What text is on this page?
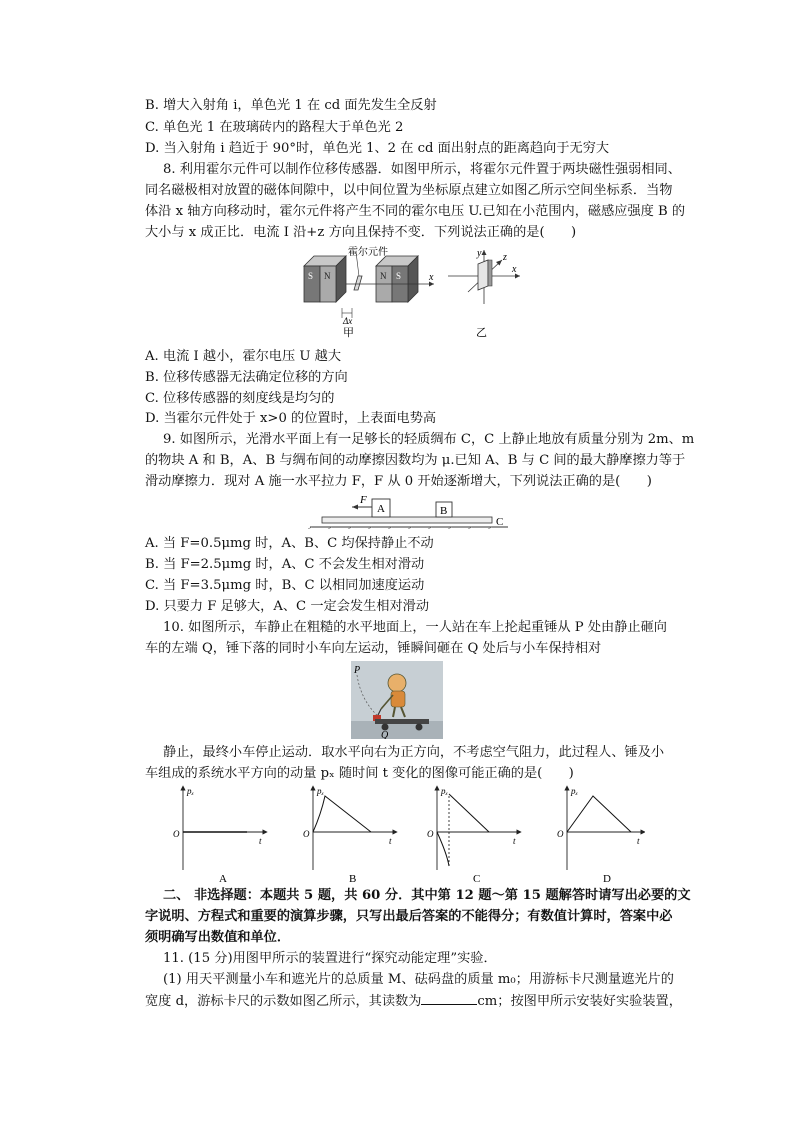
B. 增大入射角 i，单色光 1 在 cd 面先发生全反射
C. 单色光 1 在玻璃砖内的路程大于单色光 2
D. 当入射角 i 趋近于 90°时，单色光 1、2 在 cd 面出射点的距离趋向于无穷大
8. 利用霍尔元件可以制作位移传感器．如图甲所示，将霍尔元件置于两块磁性强弱相同、
同名磁极相对放置的磁体间隙中，以中间位置为坐标原点建立如图乙所示空间坐标系．当物
体沿 x 轴方向移动时，霍尔元件将产生不同的霍尔电压 U.已知在小范围内，磁感应强度 B 的
大小与 x 成正比．电流 I 沿+z 方向且保持不变．下列说法正确的是(　　)
S N
霍尔元件
N S	x
Δx
甲
x
y z
乙
A. 电流 I 越小，霍尔电压 U 越大
B. 位移传感器无法确定位移的方向
C. 位移传感器的刻度线是均匀的
D. 当霍尔元件处于 x>0 的位置时，上表面电势高
9. 如图所示，光滑水平面上有一足够长的轻质绸布 C，C 上静止地放有质量分别为 2m、m
的物块 A 和 B，A、B 与绸布间的动摩擦因数均为 μ.已知 A、B 与 C 间的最大静摩擦力等于
滑动摩擦力．现对 A 施一水平拉力 F，F 从 0 开始逐渐增大，下列说法正确的是(　　)
C
A	B
F
A. 当 F=0.5μmg 时，A、B、C 均保持静止不动
B. 当 F=2.5μmg 时，A、C 不会发生相对滑动
C. 当 F=3.5μmg 时，B、C 以相同加速度运动
D. 只要力 F 足够大，A、C 一定会发生相对滑动
10. 如图所示，车静止在粗糙的水平地面上，一人站在车上抡起重锤从 P 处由静止砸向
车的左端 Q，锤下落的同时小车向左运动，锤瞬间砸在 Q 处后与小车保持相对
P
Q
静止，最终小车停止运动．取水平向右为正方向，不考虑空气阻力，此过程人、锤及小
车组成的系统水平方向的动量 pₓ 随时间 t 变化的图像可能正确的是(　　)
pₓ
t
O
A
pₓ
t
O
B
pₓ
t
O
C
pₓ
t
O
D
二、 非选择题：本题共 5 题，共 60 分．其中第 12 题～第 15 题解答时请写出必要的文
字说明、方程式和重要的演算步骤，只写出最后答案的不能得分；有数值计算时，答案中必
须明确写出数值和单位．
11. (15 分)用图甲所示的装置进行“探究动能定理”实验．
(1) 用天平测量小车和遮光片的总质量 M、砝码盘的质量 m₀；用游标卡尺测量遮光片的
宽度 d，游标卡尺的示数如图乙所示，其读数为	cm；按图甲所示安装好实验装置，
